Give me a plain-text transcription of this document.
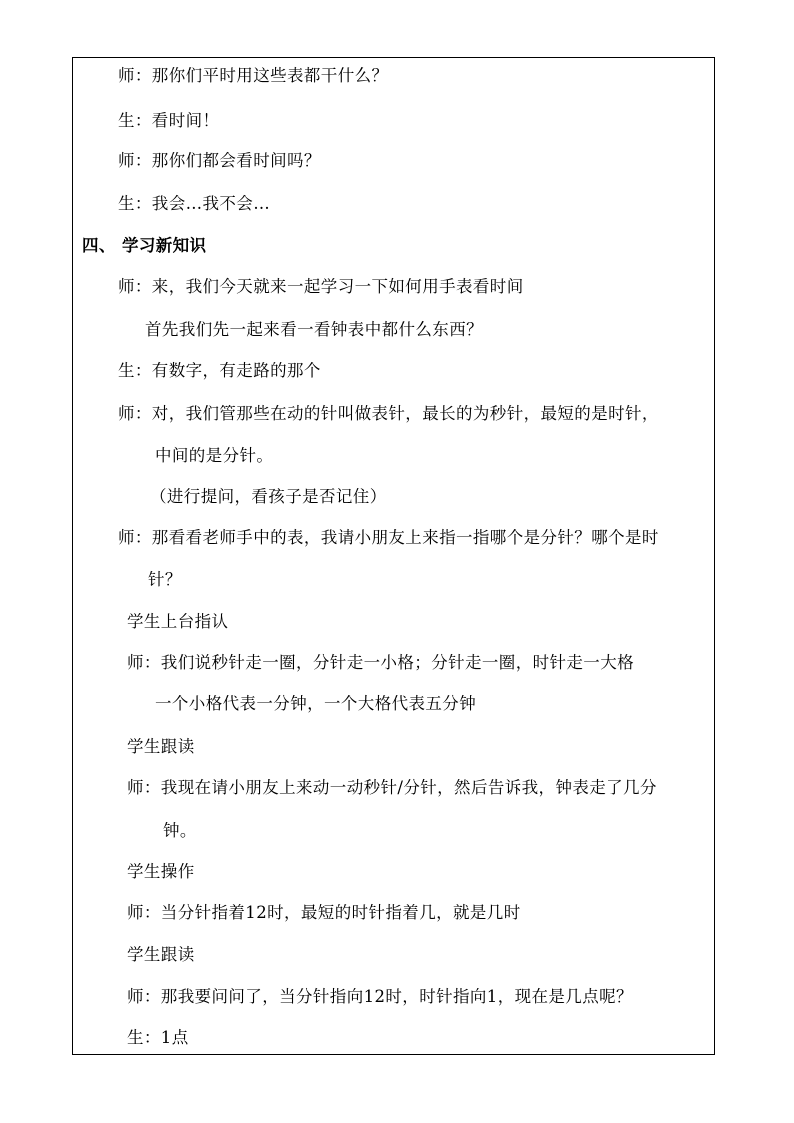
师：那你们平时用这些表都干什么？
生：看时间！
师：那你们都会看时间吗？
生：我会…我不会…
四、 学习新知识
师：来，我们今天就来一起学习一下如何用手表看时间
首先我们先一起来看一看钟表中都什么东西？
生：有数字，有走路的那个
师：对，我们管那些在动的针叫做表针，最长的为秒针，最短的是时针，
中间的是分针。
（进行提问，看孩子是否记住）
师：那看看老师手中的表，我请小朋友上来指一指哪个是分针？哪个是时
针？
学生上台指认
师：我们说秒针走一圈，分针走一小格；分针走一圈，时针走一大格
一个小格代表一分钟，一个大格代表五分钟
学生跟读
师：我现在请小朋友上来动一动秒针/分针，然后告诉我，钟表走了几分
钟。
学生操作
师：当分针指着12时，最短的时针指着几，就是几时
学生跟读
师：那我要问问了，当分针指向12时，时针指向1，现在是几点呢？
生：1点
